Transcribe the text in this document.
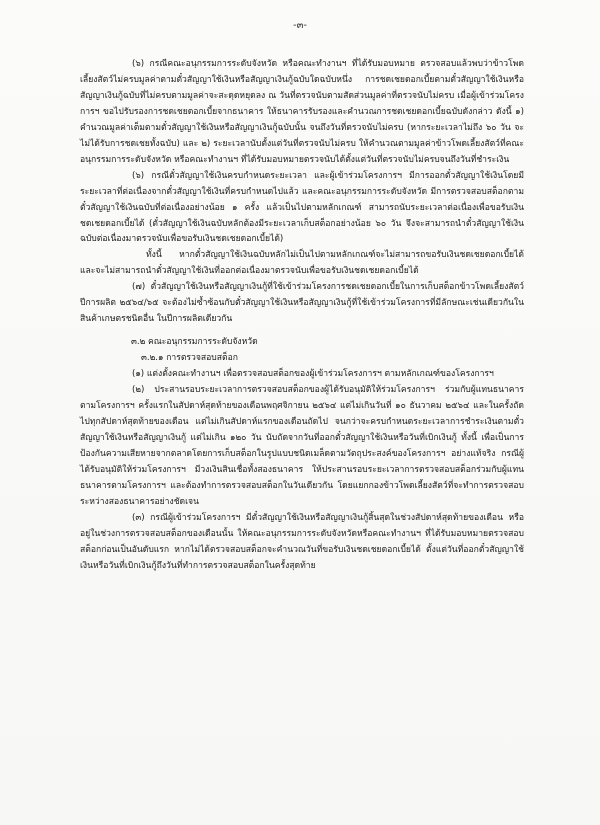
-๓-

(๖) กรณีคณะอนุกรรมการระดับจังหวัด หรือคณะทำงานฯ ที่ได้รับมอบหมาย ตรวจสอบแล้วพบว่าข้าวโพดเลี้ยงสัตว์ไม่ครบมูลค่าตามตั๋วสัญญาใช้เงินหรือสัญญาเงินกู้ฉบับใดฉบับหนึ่ง การชดเชยดอกเบี้ยตามตั๋วสัญญาใช้เงินหรือสัญญาเงินกู้ฉบับที่ไม่ครบตามมูลค่าจะสะดุดหยุดลง ณ วันที่ตรวจนับตามสัดส่วนมูลค่าที่ตรวจนับไม่ครบ เมื่อผู้เข้าร่วมโครงการฯ ขอไปรับรองการชดเชยดอกเบี้ยจากธนาคาร ให้ธนาคารรับรองและคำนวณการชดเชยดอกเบี้ยฉบับดังกล่าว ดังนี้ ๑) คำนวณมูลค่าเต็มตามตั๋วสัญญาใช้เงินหรือสัญญาเงินกู้ฉบับนั้น จนถึงวันที่ตรวจนับไม่ครบ (หากระยะเวลาไม่ถึง ๖๐ วัน จะไม่ได้รับการชดเชยทั้งฉบับ) และ ๒) ระยะเวลานับตั้งแต่วันที่ตรวจนับไม่ครบ ให้คำนวณตามมูลค่าข้าวโพดเลี้ยงสัตว์ที่คณะอนุกรรมการระดับจังหวัด หรือคณะทำงานฯ ที่ได้รับมอบหมายตรวจนับได้ตั้งแต่วันที่ตรวจนับไม่ครบจนถึงวันที่ชำระเงิน

(๖) กรณีตั๋วสัญญาใช้เงินครบกำหนดระยะเวลา และผู้เข้าร่วมโครงการฯ มีการออกตั๋วสัญญาใช้เงินโดยมีระยะเวลาที่ต่อเนื่องจากตั๋วสัญญาใช้เงินที่ครบกำหนดไปแล้ว และคณะอนุกรรมการระดับจังหวัด มีการตรวจสอบสต็อกตามตั๋วสัญญาใช้เงินฉบับที่ต่อเนื่องอย่างน้อย ๑ ครั้ง แล้วเป็นไปตามหลักเกณฑ์ สามารถนับระยะเวลาต่อเนื่องเพื่อขอรับเงินชดเชยดอกเบี้ยได้ (ตั๋วสัญญาใช้เงินฉบับหลักต้องมีระยะเวลาเก็บสต็อกอย่างน้อย ๖๐ วัน จึงจะสามารถนำตั๋วสัญญาใช้เงินฉบับต่อเนื่องมาตรวจนับเพื่อขอรับเงินชดเชยดอกเบี้ยได้)

ทั้งนี้ หากตั๋วสัญญาใช้เงินฉบับหลักไม่เป็นไปตามหลักเกณฑ์จะไม่สามารถขอรับเงินชดเชยดอกเบี้ยได้ และจะไม่สามารถนำตั๋วสัญญาใช้เงินที่ออกต่อเนื่องมาตรวจนับเพื่อขอรับเงินชดเชยดอกเบี้ยได้

(๗) ตั๋วสัญญาใช้เงินหรือสัญญาเงินกู้ที่ใช้เข้าร่วมโครงการชดเชยดอกเบี้ยในการเก็บสต็อกข้าวโพดเลี้ยงสัตว์ ปีการผลิต ๒๕๖๔/๖๕ จะต้องไม่ซ้ำซ้อนกับตั๋วสัญญาใช้เงินหรือสัญญาเงินกู้ที่ใช้เข้าร่วมโครงการที่มีลักษณะเช่นเดียวกันในสินค้าเกษตรชนิดอื่น ในปีการผลิตเดียวกัน

๓.๒ คณะอนุกรรมการระดับจังหวัด

๓.๒.๑ การตรวจสอบสต็อก

(๑) แต่งตั้งคณะทำงานฯ เพื่อตรวจสอบสต็อกของผู้เข้าร่วมโครงการฯ ตามหลักเกณฑ์ของโครงการฯ

(๒) ประสานรอบระยะเวลาการตรวจสอบสต็อกของผู้ได้รับอนุมัติให้ร่วมโครงการฯ ร่วมกับผู้แทนธนาคารตามโครงการฯ ครั้งแรกในสัปดาห์สุดท้ายของเดือนพฤศจิกายน ๒๕๖๔ แต่ไม่เกินวันที่ ๑๐ ธันวาคม ๒๕๖๔ และในครั้งถัดไปทุกสัปดาห์สุดท้ายของเดือน แต่ไม่เกินสัปดาห์แรกของเดือนถัดไป จนกว่าจะครบกำหนดระยะเวลาการชำระเงินตามตั๋วสัญญาใช้เงินหรือสัญญาเงินกู้ แต่ไม่เกิน ๑๒๐ วัน นับถัดจากวันที่ออกตั๋วสัญญาใช้เงินหรือวันที่เบิกเงินกู้ ทั้งนี้ เพื่อเป็นการป้องกันความเสียหายจากตลาดโดยการเก็บสต็อกในรูปแบบชนิดเมล็ดตามวัตถุประสงค์ของโครงการฯ อย่างแท้จริง กรณีผู้ได้รับอนุมัติให้ร่วมโครงการฯ มีวงเงินสินเชื่อทั้งสองธนาคาร ให้ประสานรอบระยะเวลาการตรวจสอบสต็อกร่วมกับผู้แทนธนาคารตามโครงการฯ และต้องทำการตรวจสอบสต็อกในวันเดียวกัน โดยแยกกองข้าวโพดเลี้ยงสัตว์ที่จะทำการตรวจสอบระหว่างสองธนาคารอย่างชัดเจน

(๓) กรณีผู้เข้าร่วมโครงการฯ มีตั๋วสัญญาใช้เงินหรือสัญญาเงินกู้สิ้นสุดในช่วงสัปดาห์สุดท้ายของเดือน หรืออยู่ในช่วงการตรวจสอบสต็อกของเดือนนั้น ให้คณะอนุกรรมการระดับจังหวัดหรือคณะทำงานฯ ที่ได้รับมอบหมายตรวจสอบสต็อกก่อนเป็นอันดับแรก หากไม่ได้ตรวจสอบสต็อกจะคำนวณวันที่ขอรับเงินชดเชยดอกเบี้ยได้ ตั้งแต่วันที่ออกตั๋วสัญญาใช้เงินหรือวันที่เบิกเงินกู้ถึงวันที่ทำการตรวจสอบสต็อกในครั้งสุดท้าย
